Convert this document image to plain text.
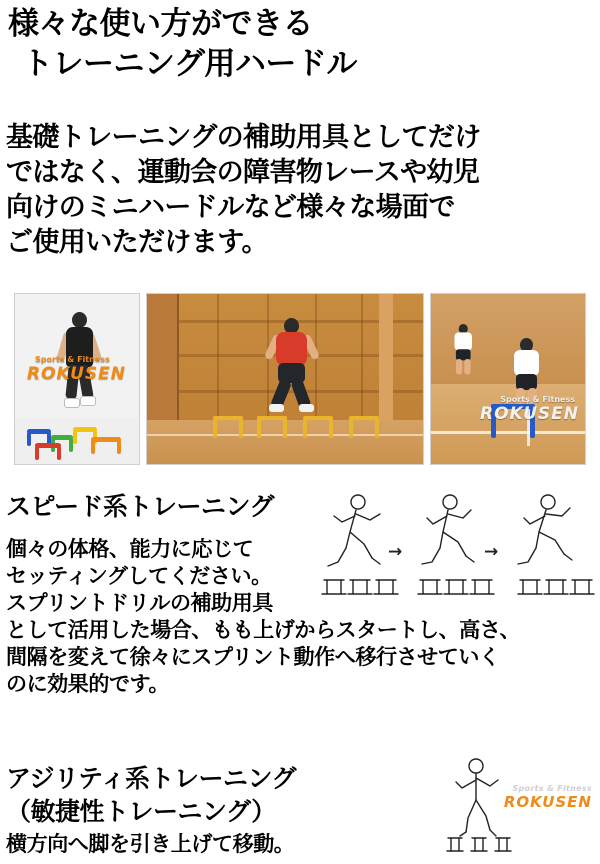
様々な使い方ができる
トレーニング用ハードル
基礎トレーニングの補助用具としてだけ
ではなく、運動会の障害物レースや幼児
向けのミニハードルなど様々な場面で
ご使用いただけます。
Sports & Fitness
ROKUSEN
Sports & Fitness
ROKUSEN
スピード系トレーニング
個々の体格、能力に応じて
セッティングしてください。
スプリントドリルの補助用具
として活用した場合、もも上げからスタートし、高さ、
間隔を変えて徐々にスプリント動作へ移行させていく
のに効果的です。
→	→
アジリティ系トレーニング
（敏捷性トレーニング）
横方向へ脚を引き上げて移動。
Sports & Fitness
ROKUSEN
